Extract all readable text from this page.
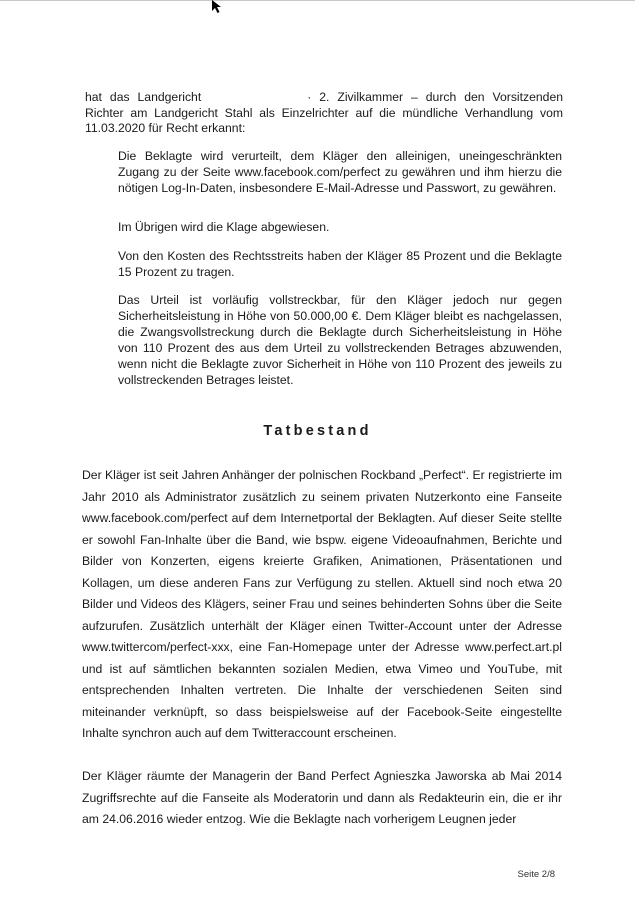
hat das Landgericht	· 2. Zivilkammer – durch den Vorsitzenden Richter am Landgericht Stahl als Einzelrichter auf die mündliche Verhandlung vom 11.03.2020 für Recht erkannt:

Die Beklagte wird verurteilt, dem Kläger den alleinigen, uneingeschränkten Zugang zu der Seite www.facebook.com/perfect zu gewähren und ihm hierzu die nötigen Log-In-Daten, insbesondere E-Mail-Adresse und Passwort, zu gewähren.

Im Übrigen wird die Klage abgewiesen.

Von den Kosten des Rechtsstreits haben der Kläger 85 Prozent und die Beklagte 15 Prozent zu tragen.

Das Urteil ist vorläufig vollstreckbar, für den Kläger jedoch nur gegen Sicherheitsleistung in Höhe von 50.000,00 €. Dem Kläger bleibt es nachgelassen, die Zwangsvollstreckung durch die Beklagte durch Sicherheitsleistung in Höhe von 110 Prozent des aus dem Urteil zu vollstreckenden Betrages abzuwenden, wenn nicht die Beklagte zuvor Sicherheit in Höhe von 110 Prozent des jeweils zu vollstreckenden Betrages leistet.

Tatbestand

Der Kläger ist seit Jahren Anhänger der polnischen Rockband „Perfect“. Er registrierte im Jahr 2010 als Administrator zusätzlich zu seinem privaten Nutzerkonto eine Fanseite www.facebook.com/perfect auf dem Internetportal der Beklagten. Auf dieser Seite stellte er sowohl Fan-Inhalte über die Band, wie bspw. eigene Videoaufnahmen, Berichte und Bilder von Konzerten, eigens kreierte Grafiken, Animationen, Präsentationen und Kollagen, um diese anderen Fans zur Verfügung zu stellen. Aktuell sind noch etwa 20 Bilder und Videos des Klägers, seiner Frau und seines behinderten Sohns über die Seite aufzurufen. Zusätzlich unterhält der Kläger einen Twitter-Account unter der Adresse www.twittercom/perfect-xxx, eine Fan-Homepage unter der Adresse www.perfect.art.pl und ist auf sämtlichen bekannten sozialen Medien, etwa Vimeo und YouTube, mit entsprechenden Inhalten vertreten. Die Inhalte der verschiedenen Seiten sind miteinander verknüpft, so dass beispielsweise auf der Facebook-Seite eingestellte Inhalte synchron auch auf dem Twitteraccount erscheinen.

Der Kläger räumte der Managerin der Band Perfect Agnieszka Jaworska ab Mai 2014 Zugriffsrechte auf die Fanseite als Moderatorin und dann als Redakteurin ein, die er ihr am 24.06.2016 wieder entzog. Wie die Beklagte nach vorherigem Leugnen jeder

Seite 2/8
